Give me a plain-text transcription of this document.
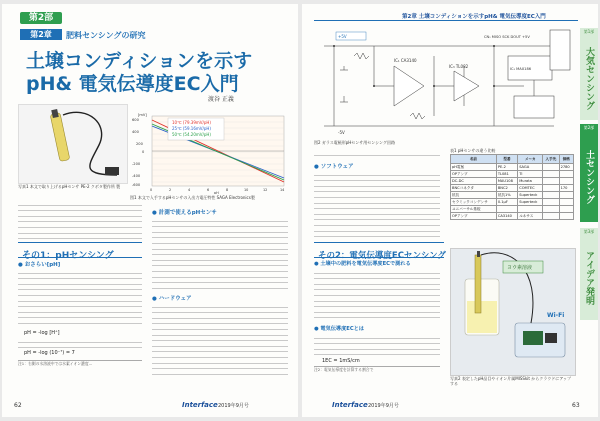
第2部
第2章	肥料センシングの研究
土壌コンディションを示す
pH& 電気伝導度EC入門
渡谷 正義
写真1 本文で取り上げるpHセンサ PE-2 クボタ製作所 製
10℃ (79.39mV/pH)
25℃ (59.16mV/pH)
50℃ (54.20mV/pH)
600
400
200
0
-200
-400
-600
[mV]
0	2	4	6	8	10	12	14
pH
図1 本文で入手するpHセンサの入出力電圧特性 SAGA Electronics製
その1：pHセンシング
● おさらい[pH]
pH = -log [H⁺]
pH = -log (10⁻⁷) = 7
注1：右側の水溶液中では水素イオン濃度...
● 計測で使えるpHセンサ
● ハードウェア
62	Interface 2019年9月号
第2章 土壌コンディションを示すpH& 電気伝導度EC入門
+5V
-5V
IC₁ CA3140
IC₃ TL082	IC₂ MAX186
CN₁ MISO SCK DOUT +5V
図2 ガラス電極形pHセンサ用センシング回路
● ソフトウェア
その2：電気伝導度ECセンシング
● 土壌中の肥料を電気伝導度ECで測れる
● 電気伝導度ECとは
1EC = 1mS/cm
注2：電気伝導度を計算する割合で
表1 pHセンサの違う比較
名前	型番	メーカ	入手先	価格
pH電極	PE-2	SAGA		2780
OPアンプ	TL081	TI		
DC-DC	MAU108	Murata		
BNCコネクタ	BNC2	COMTEC		170
抵抗	抵抗1%	Superteck		
セラミックコンデンサ	0.1μF	Superteck		
ユニバーサル基板				
OPアンプ	CA3140	ルネサス		
ヨウ素溶液
Wi-Fi
写真2 表定したpH品目やイオン片属MISSkit からクラウドにアップする
第1部
大気センシング
第2部
土センシング
第3部
アイデア発明
Interface 2019年9月号	63
